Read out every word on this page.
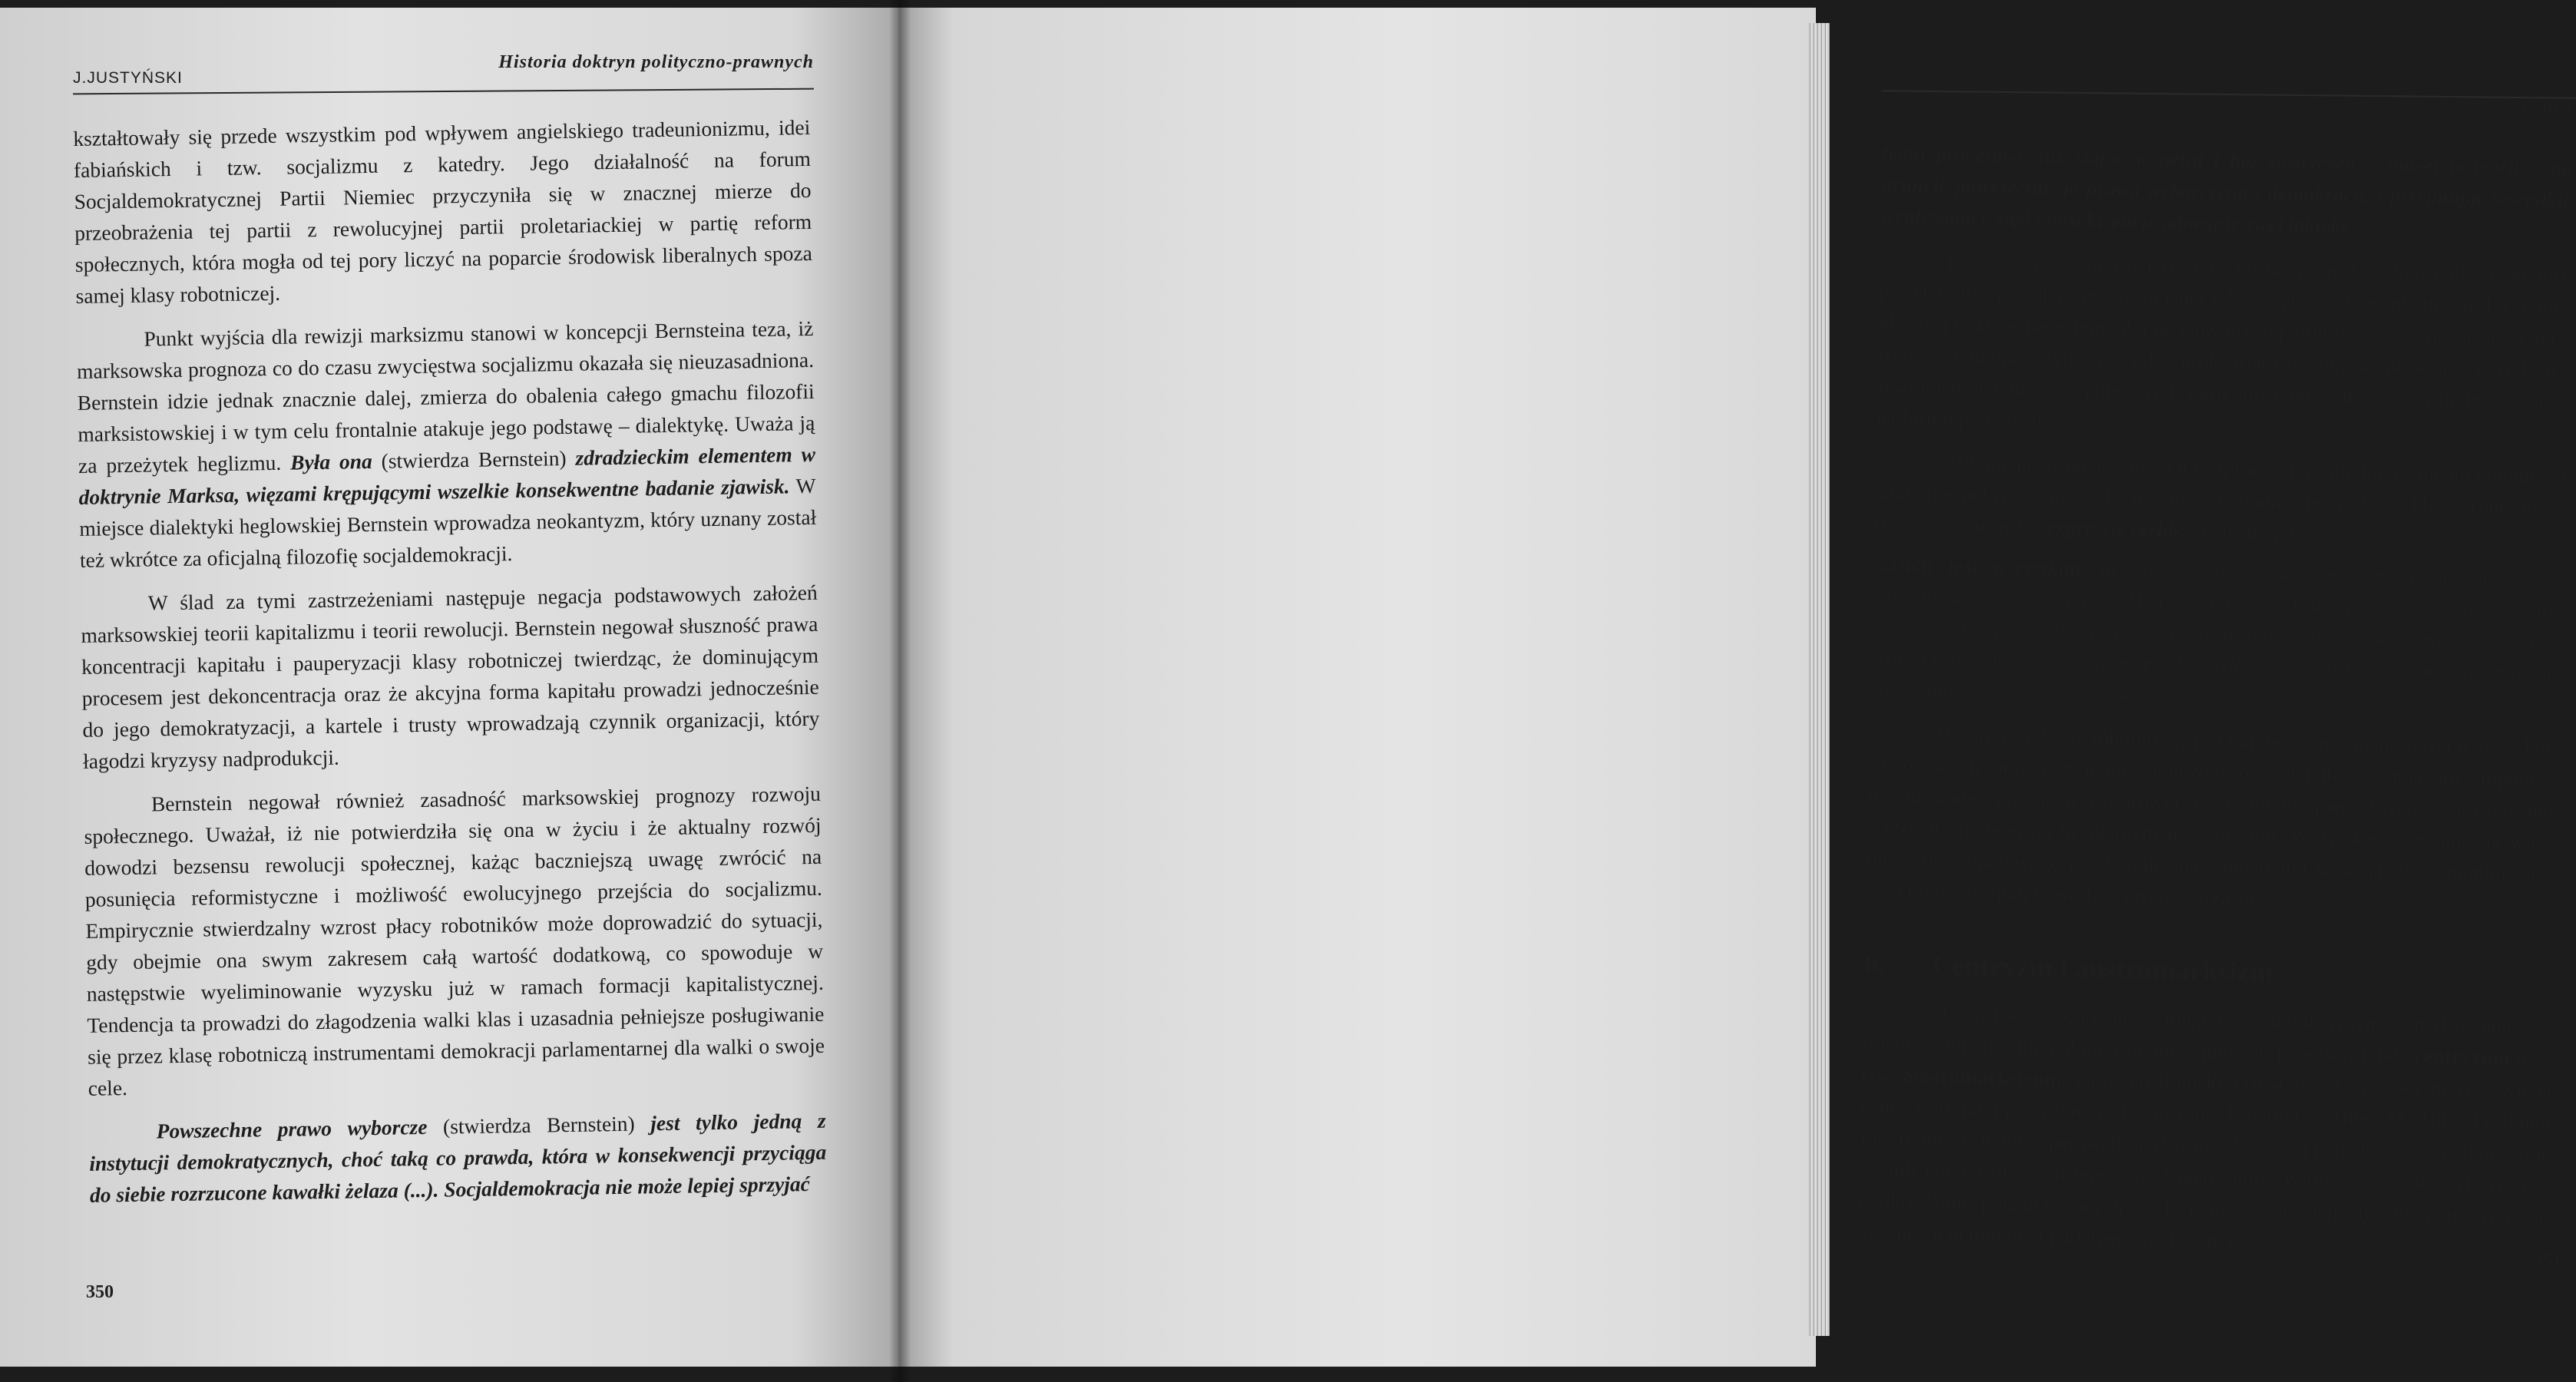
J.JUSTYŃSKI
Historia doktryn polityczno-prawnych

kształtowały się przede wszystkim pod wpływem angielskiego tradeunionizmu, idei fabiańskich i tzw. socjalizmu z katedry. Jego działalność na forum Socjaldemokratycznej Partii Niemiec przyczyniła się w znacznej mierze do przeobrażenia tej partii z rewolucyjnej partii proletariackiej w partię reform społecznych, która mogła od tej pory liczyć na poparcie środowisk liberalnych spoza samej klasy robotniczej.

Punkt wyjścia dla rewizji marksizmu stanowi w koncepcji Bernsteina teza, iż marksowska prognoza co do czasu zwycięstwa socjalizmu okazała się nieuzasadniona. Bernstein idzie jednak znacznie dalej, zmierza do obalenia całego gmachu filozofii marksistowskiej i w tym celu frontalnie atakuje jego podstawę – dialektykę. Uważa ją za przeżytek heglizmu. Była ona (stwierdza Bernstein) zdradzieckim elementem w doktrynie Marksa, więzami krępującymi wszelkie konsekwentne badanie zjawisk. W miejsce dialektyki heglowskiej Bernstein wprowadza neokantyzm, który uznany został też wkrótce za oficjalną filozofię socjaldemokracji.

W ślad za tymi zastrzeżeniami następuje negacja podstawowych założeń marksowskiej teorii kapitalizmu i teorii rewolucji. Bernstein negował słuszność prawa koncentracji kapitału i pauperyzacji klasy robotniczej twierdząc, że dominującym procesem jest dekoncentracja oraz że akcyjna forma kapitału prowadzi jednocześnie do jego demokratyzacji, a kartele i trusty wprowadzają czynnik organizacji, który łagodzi kryzysy nadprodukcji.

Bernstein negował również zasadność marksowskiej prognozy rozwoju społecznego. Uważał, iż nie potwierdziła się ona w życiu i że aktualny rozwój dowodzi bezsensu rewolucji społecznej, każąc baczniejszą uwagę zwrócić na posunięcia reformistyczne i możliwość ewolucyjnego przejścia do socjalizmu. Empirycznie stwierdzalny wzrost płacy robotników może doprowadzić do sytuacji, gdy obejmie ona swym zakresem całą wartość dodatkową, co spowoduje w następstwie wyeliminowanie wyzysku już w ramach formacji kapitalistycznej. Tendencja ta prowadzi do złagodzenia walki klas i uzasadnia pełniejsze posługiwanie się przez klasę robotniczą instrumentami demokracji parlamentarnej dla walki o swoje cele.

Powszechne prawo wyborcze (stwierdza Bernstein) jest tylko jedną z instytucji demokratycznych, choć taką co prawda, która w konsekwencji przyciąga do siebie rozrzucone kawałki żelaza (...). Socjaldemokracja nie może lepiej sprzyjać

350
Socjalizm

temu procesowi, niż stojąc w pełni i bez zastrzeżeń – nawet w teorii – na gruncie powszechnego prawa wyborczego i demokracji, i przyjmując wszystkie wypływające stąd konsekwencje odnośnie swej taktyki.

Logicznym następstwem tej postawy jest odrzucenie dyktatury proletariatu i postulatu przejęcia całej władzy przez klasę robotniczą. Dyktaturę klasową traktuje Bernstein jako przejaw niższej kultury oraz cofnięcie się wstecz wobec aktualnej sytuacji, gdy proletariatowi zagwarantowano udział we wszelkich instytucjach społecznych i gdy może on walczyć o swoje prawa także na forum parlamentu.

Aby nie pozostawić żadnych wątpliwości, że nie interesuje go komunizm jako perspektywiczny cel, o którego realizację walczy klasa robotnicza, Bernstein stwierdza expressis verbis, że dla niego

„ruch jest wszystkim, to zaś, co powszechnie nazywamy ostatecznym celem socjalizmu, jest niczym (...). Myśl moja i moje badania zawsze skierowane były wyłącznie ku sferze zadań aktualnych oraz najbliższej przyszłości, a wynikające z tych badań perspektywy pociągały mnie tylko o tyle, o ile mogły być cennymi wytycznymi do racjonalnego postępowania na dziś.

W interesie klasy robotniczej jest dalsze wzmacnianie pozycji związków zawodowych oraz rozwijanie spółdzielczości handlowej, ponadto stopniowe likwidowanie produkcji towarowej i stosunków pieniężnych, wprowadzanie podziału opartego na bezpłatnym użytkowaniu. Wszystkie te posunięcia wieść miały do stopniowego przekształcania kapitalizmu w socjalizm z pominięciem walki rewolucyjnej i rewolucyjnych wstrząsów.

6. Centryzm i austromarksizm

Stanowisko pośrednie między ortodoksyjnym marksizmem a orientacjami socjaldemokratycznymi zajmowali przedstawiciele centryzmu oraz tzw. austromarksizmu. Zarówno Kautsky (1854-1938), czołowy przedstawiciel centryzmu, jak i przedstawiciele austromarksizmu (A. Adler, M. Adler, O. Bauer i K. Renner) chętnie operowali marksistowską siatką pojęciową, ale jednocześnie czynili daleko idące odstępstwa od jego istoty. Widoczne jest to zwłaszcza w podkreślaniu ponadklasowych cech państwa, negacji dyktatury proletariatu, akceptacji demokracji parlamentarnej i parla-

351
